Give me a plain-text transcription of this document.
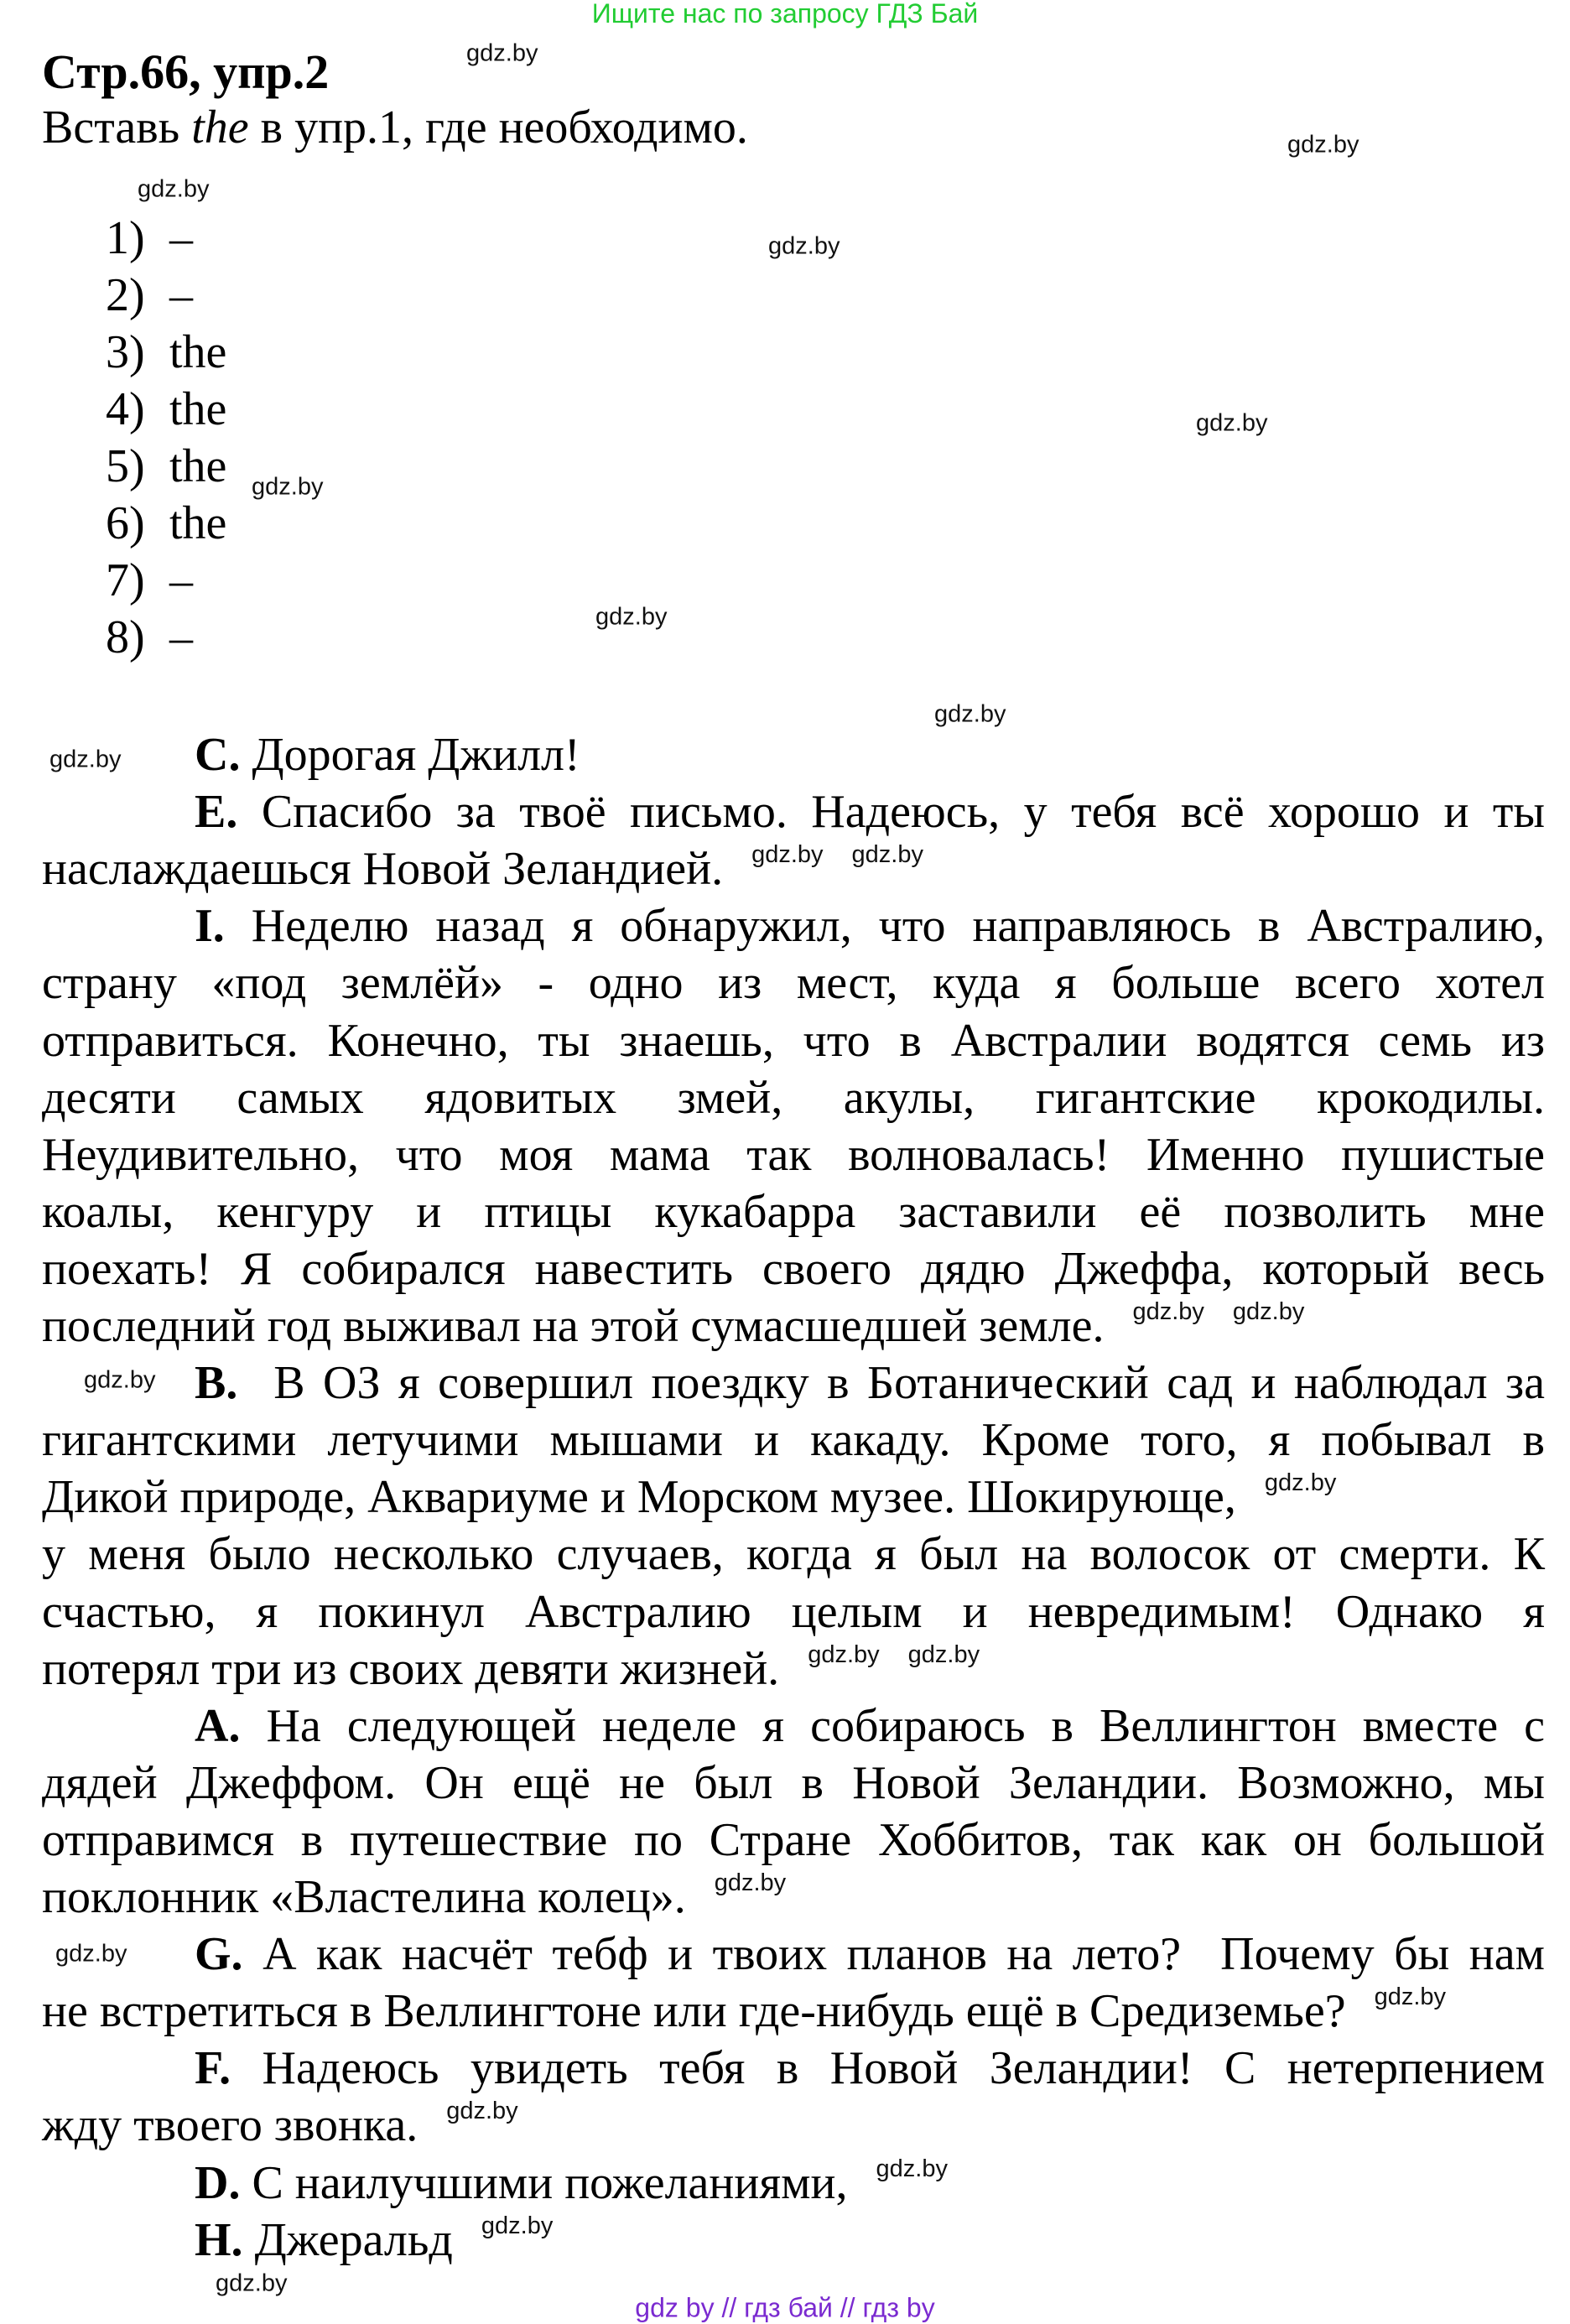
Ищите нас по запросу ГДЗ Бай
Стр.66, упр.2
Вставь the в упр.1, где необходимо.
1) –
2) –
3) the
4) the
5) the
6) the
7) –
8) –
C. Дорогая Джилл!
E. Спасибо за твоё письмо. Надеюсь, у тебя всё хорошо и ты
наслаждаешься Новой Зеландией. $^{gdz.by}$ $^{gdz.by}$
I. Неделю назад я обнаружил, что направляюсь в Австралию,
страну «под землёй» - одно из мест, куда я больше всего хотел
отправиться. Конечно, ты знаешь, что в Австралии водятся семь из
десяти самых ядовитых змей, акулы, гигантские крокодилы.
Неудивительно, что моя мама так волновалась! Именно пушистые
коалы, кенгуру и птицы кукабарра заставили её позволить мне
поехать! Я собирался навестить своего дядю Джеффа, который весь
последний год выживал на этой сумасшедшей земле. $^{gdz.by}$ $^{gdz.by}$
B.  В ОЗ я совершил поездку в Ботанический сад и наблюдал за
гигантскими летучими мышами и какаду. Кроме того, я побывал в
Дикой природе, Аквариуме и Морском музее. Шокирующе, $^{gdz.by}$
у меня было несколько случаев, когда я был на волосок от смерти. К
счастью, я покинул Австралию целым и невредимым! Однако я
потерял три из своих девяти жизней. $^{gdz.by}$ $^{gdz.by}$
A. На следующей неделе я собираюсь в Веллингтон вместе с
дядей Джеффом. Он ещё не был в Новой Зеландии. Возможно, мы
отправимся в путешествие по Стране Хоббитов, так как он большой
поклонник «Властелина колец». $^{gdz.by}$
G. А как насчёт тебф и твоих планов на лето?  Почему бы нам
не встретиться в Веллингтоне или где-нибудь ещё в Средиземье? $^{gdz.by}$
F. Надеюсь увидеть тебя в Новой Зеландии! С нетерпением
жду твоего звонка. $^{gdz.by}$
D. С наилучшими пожеланиями, $^{gdz.by}$
H. Джеральд $^{gdz.by}$
gdz.by
gdz.by
gdz.by
gdz.by
gdz.by
gdz.by
gdz.by
gdz.by
gdz.by
gdz.by
gdz.by
gdz.by
gdz by // гдз бай // гдз by
